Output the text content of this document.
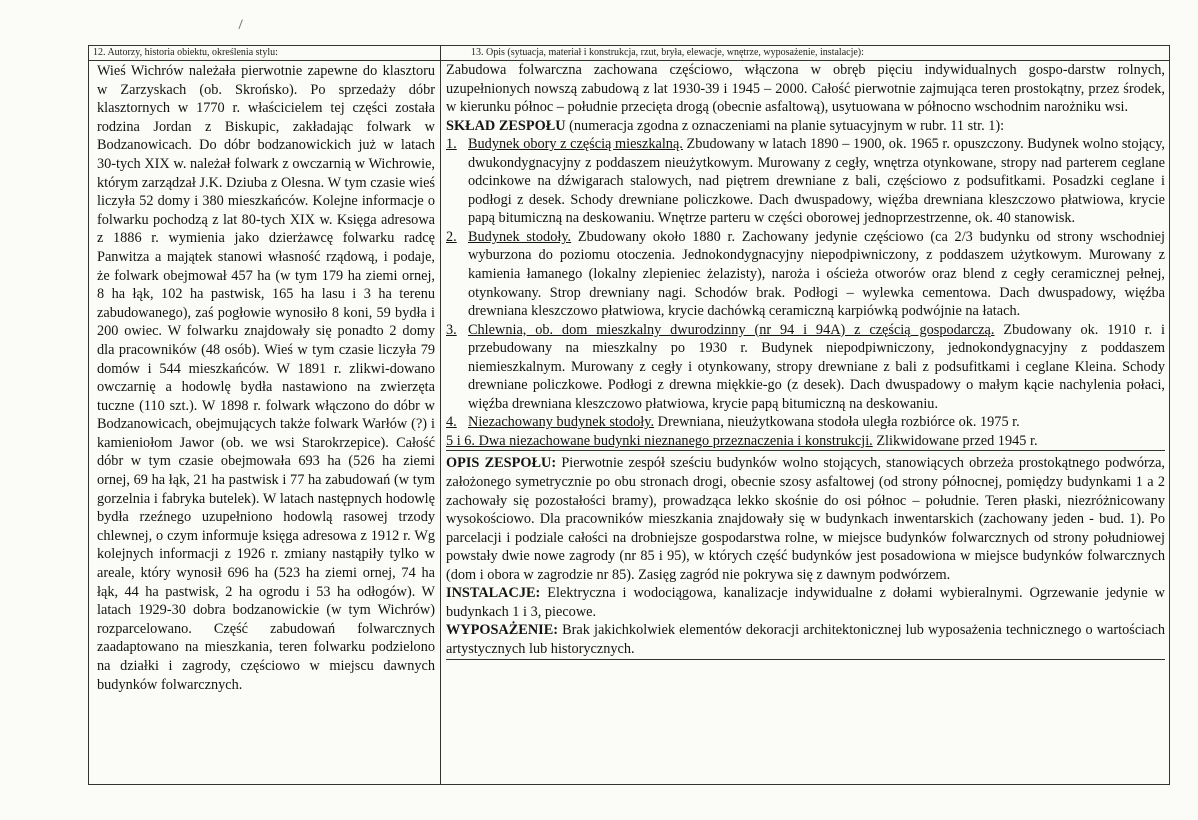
12. Autorzy, historia obiektu, określenia stylu:
Wieś Wichrów należała pierwotnie zapewne do klasztoru w Zarzyskach (ob. Skrońsko). Po sprzedaży dóbr klasztornych w 1770 r. właścicielem tej części została rodzina Jordan z Biskupic, zakładając folwark w Bodzanowicach. Do dóbr bodzanowickich już w latach 30-tych XIX w. należał folwark z owczarnią w Wichrowie, którym zarządzał J.K. Dziuba z Olesna. W tym czasie wieś liczyła 52 domy i 380 mieszkańców. Kolejne informacje o folwarku pochodzą z lat 80-tych XIX w. Księga adresowa z 1886 r. wymienia jako dzierżawcę folwarku radcę Panwitza a majątek stanowi własność rządową, i podaje, że folwark obejmował 457 ha (w tym 179 ha ziemi ornej, 8 ha łąk, 102 ha pastwisk, 165 ha lasu i 3 ha terenu zabudowanego), zaś pogłowie wynosiło 8 koni, 59 bydła i 200 owiec. W folwarku znajdowały się ponadto 2 domy dla pracowników (48 osób). Wieś w tym czasie liczyła 79 domów i 544 mieszkańców. W 1891 r. zlikwi-dowano owczarnię a hodowlę bydła nastawiono na zwierzęta tuczne (110 szt.). W 1898 r. folwark włączono do dóbr w Bodzanowicach, obejmujących także folwark Warłów (?) i kamieniołom Jawor (ob. we wsi Starokrzepice). Całość dóbr w tym czasie obejmowała 693 ha (526 ha ziemi ornej, 69 ha łąk, 21 ha pastwisk i 77 ha zabudowań (w tym gorzelnia i fabryka butelek). W latach następnych hodowlę bydła rzeźnego uzupełniono hodowlą rasowej trzody chlewnej, o czym informuje księga adresowa z 1912 r. Wg kolejnych informacji z 1926 r. zmiany nastąpiły tylko w areale, który wynosił 696 ha (523 ha ziemi ornej, 74 ha łąk, 44 ha pastwisk, 2 ha ogrodu i 53 ha odłogów). W latach 1929-30 dobra bodzanowickie (w tym Wichrów) rozparcelowano. Część zabudowań folwarcznych zaadaptowano na mieszkania, teren folwarku podzielono na działki i zagrody, częściowo w miejscu dawnych budynków folwarcznych.
13. Opis (sytuacja, materiał i konstrukcja, rzut, bryła, elewacje, wnętrze, wyposażenie, instalacje):

Zabudowa folwarczna zachowana częściowo, włączona w obręb pięciu indywidualnych gospo-darstw rolnych, uzupełnionych nowszą zabudową z lat 1930-39 i 1945 – 2000. Całość pierwotnie zajmująca teren prostokątny, przez środek, w kierunku północ – południe przecięta drogą (obecnie asfaltową), usytuowana w północno wschodnim narożniku wsi.

SKŁAD ZESPOŁU (numeracja zgodna z oznaczeniami na planie sytuacyjnym w rubr. 11 str. 1):

1. Budynek obory z częścią mieszkalną. Zbudowany w latach 1890 – 1900, ok. 1965 r. opuszczony. Budynek wolno stojący, dwukondygnacyjny z poddaszem nieużytkowym. Murowany z cegły, wnętrza otynkowane, stropy nad parterem ceglane odcinkowe na dźwigarach stalowych, nad piętrem drewniane z bali, częściowo z podsufitkami. Posadzki ceglane i podłogi z desek. Schody drewniane policzkowe. Dach dwuspadowy, więźba drewniana kleszczowo płatwiowa, krycie papą bitumiczną na deskowaniu. Wnętrze parteru w części oborowej jednoprzestrzenne, ok. 40 stanowisk.
2. Budynek stodoły. Zbudowany około 1880 r. Zachowany jedynie częściowo (ca 2/3 budynku od strony wschodniej wyburzona do poziomu otoczenia. Jednokondygnacyjny niepodpiwniczony, z poddaszem użytkowym. Murowany z kamienia łamanego (lokalny zlepieniec żelazisty), naroża i ościeża otworów oraz blend z cegły ceramicznej pełnej, otynkowany. Strop drewniany nagi. Schodów brak. Podłogi – wylewka cementowa. Dach dwuspadowy, więźba drewniana kleszczowo płatwiowa, krycie dachówką ceramiczną karpiówką podwójnie na łatach.
3. Chlewnia, ob. dom mieszkalny dwurodzinny (nr 94 i 94A) z częścią gospodarczą. Zbudowany ok. 1910 r. i przebudowany na mieszkalny po 1930 r. Budynek niepodpiwniczony, jednokondygnacyjny z poddaszem niemieszkalnym. Murowany z cegły i otynkowany, stropy drewniane z bali z podsufitkami i ceglane Kleina. Schody drewniane policzkowe. Podłogi z drewna miękkie-go (z desek). Dach dwuspadowy o małym kącie nachylenia połaci, więźba drewniana kleszczowo płatwiowa, krycie papą bitumiczną na deskowaniu.
4. Niezachowany budynek stodoły. Drewniana, nieużytkowana stodoła uległa rozbiórce ok. 1975 r.

5 i 6. Dwa niezachowane budynki nieznanego przeznaczenia i konstrukcji. Zlikwidowane przed 1945 r.

OPIS ZESPOŁU: Pierwotnie zespół sześciu budynków wolno stojących, stanowiących obrzeża prostokątnego podwórza, założonego symetrycznie po obu stronach drogi, obecnie szosy asfaltowej (od strony północnej, pomiędzy budynkami 1 a 2 zachowały się pozostałości bramy), prowadząca lekko skośnie do osi północ – południe. Teren płaski, niezróżnicowany wysokościowo. Dla pracowników mieszkania znajdowały się w budynkach inwentarskich (zachowany jeden - bud. 1). Po parcelacji i podziale całości na drobniejsze gospodarstwa rolne, w miejsce budynków folwarcznych od strony południowej powstały dwie nowe zagrody (nr 85 i 95), w których część budynków jest posadowiona w miejsce budynków folwarcznych (dom i obora w zagrodzie nr 85). Zasięg zagród nie pokrywa się z dawnym podwórzem.

INSTALACJE: Elektryczna i wodociągowa, kanalizacje indywidualne z dołami wybieralnymi. Ogrzewanie jedynie w budynkach 1 i 3, piecowe.

WYPOSAŻENIE: Brak jakichkolwiek elementów dekoracji architektonicznej lub wyposażenia technicznego o wartościach artystycznych lub historycznych.
